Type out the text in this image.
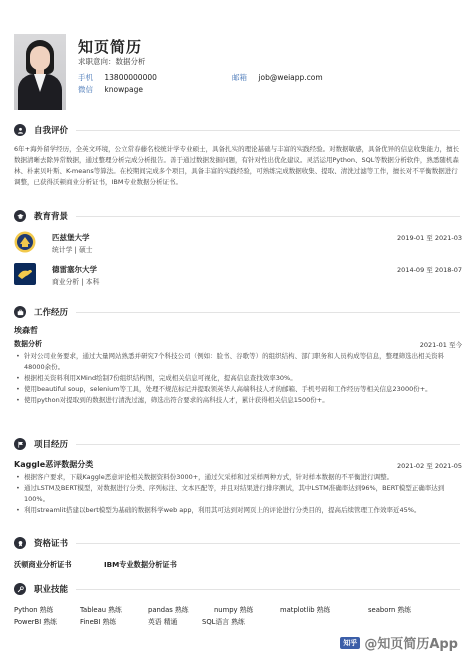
知页简历
求职意向：数据分析
手机 13800000000
微信 knowpage
邮箱 job@weiapp.com
自我评价
6年+海外留学经历，全英文环境，公立常春藤名校统计学专业硕士，具备扎实的理论基础与丰富的实践经验。对数据敏感，具备优异的信息收集能力，擅长数据清晰去除异常数据，通过整理分析完成分析报告。善于通过数据发掘问题，有针对性出优化建议。灵活运用Python、SQL等数据分析软件，熟悉随机森林、朴素贝叶斯、K-means等算法。在校期间完成多个项目，具备丰富的实践经验，可熟练完成数据收集、提取、清洗过滤等工作，擅长对不平衡数据进行调整，已获得沃顿商业分析证书，IBM专业数据分析证书。
教育背景
匹兹堡大学
统计学 | 硕士
2019-01 至 2021-03
德雷塞尔大学
商业分析 | 本科
2014-09 至 2018-07
工作经历
埃森哲
数据分析	2021-01 至今
• 针对公司业务要求，通过大量网站熟悉并研究7个科技公司（例如：脸书、谷歌等）的组织结构、部门职务和人员构成等信息，整理筛选出相关资料48000余份。
• 根据相关资料利用XMind绘制7份组织结构图，完成相关信息可视化，提高信息查找效率30%。
• 使用beautiful soup，selenium等工具，处理不规范标记并提取领英华人高端科技人才的邮箱、手机号码和工作经历等相关信息23000份+。
• 使用python对提取到的数据进行清洗过滤，筛选出符合要求的高科技人才，累计获得相关信息1500份+。
项目经历
Kaggle恶评数据分类	2021-02 至 2021-05
• 根据客户要求，下载Kaggle恶意评论相关数据资料份3000+，通过欠采样和过采样两种方式，针对样本数据的不平衡进行调整。
• 通过LSTM及BERT模型，对数据进行分类、序列标注、文本匹配等，并且对结果进行排序测试，其中LSTM准确率达到96%，BERT模型正确率达到100%。
• 利用streamlit搭建以bert模型为基础的数据科学web app，利用其可达到对网页上的评论进行分类目的，提高后续管理工作效率近45%。
资格证书
沃顿商业分析证书	IBM专业数据分析证书
职业技能
Python 熟练	Tableau 熟练	pandas 熟练	numpy 熟练	matplotlib 熟练	seaborn 熟练
PowerBI 熟练	FineBI 熟练	英语 精通	SQL语言 熟练
知乎 @知页简历App
